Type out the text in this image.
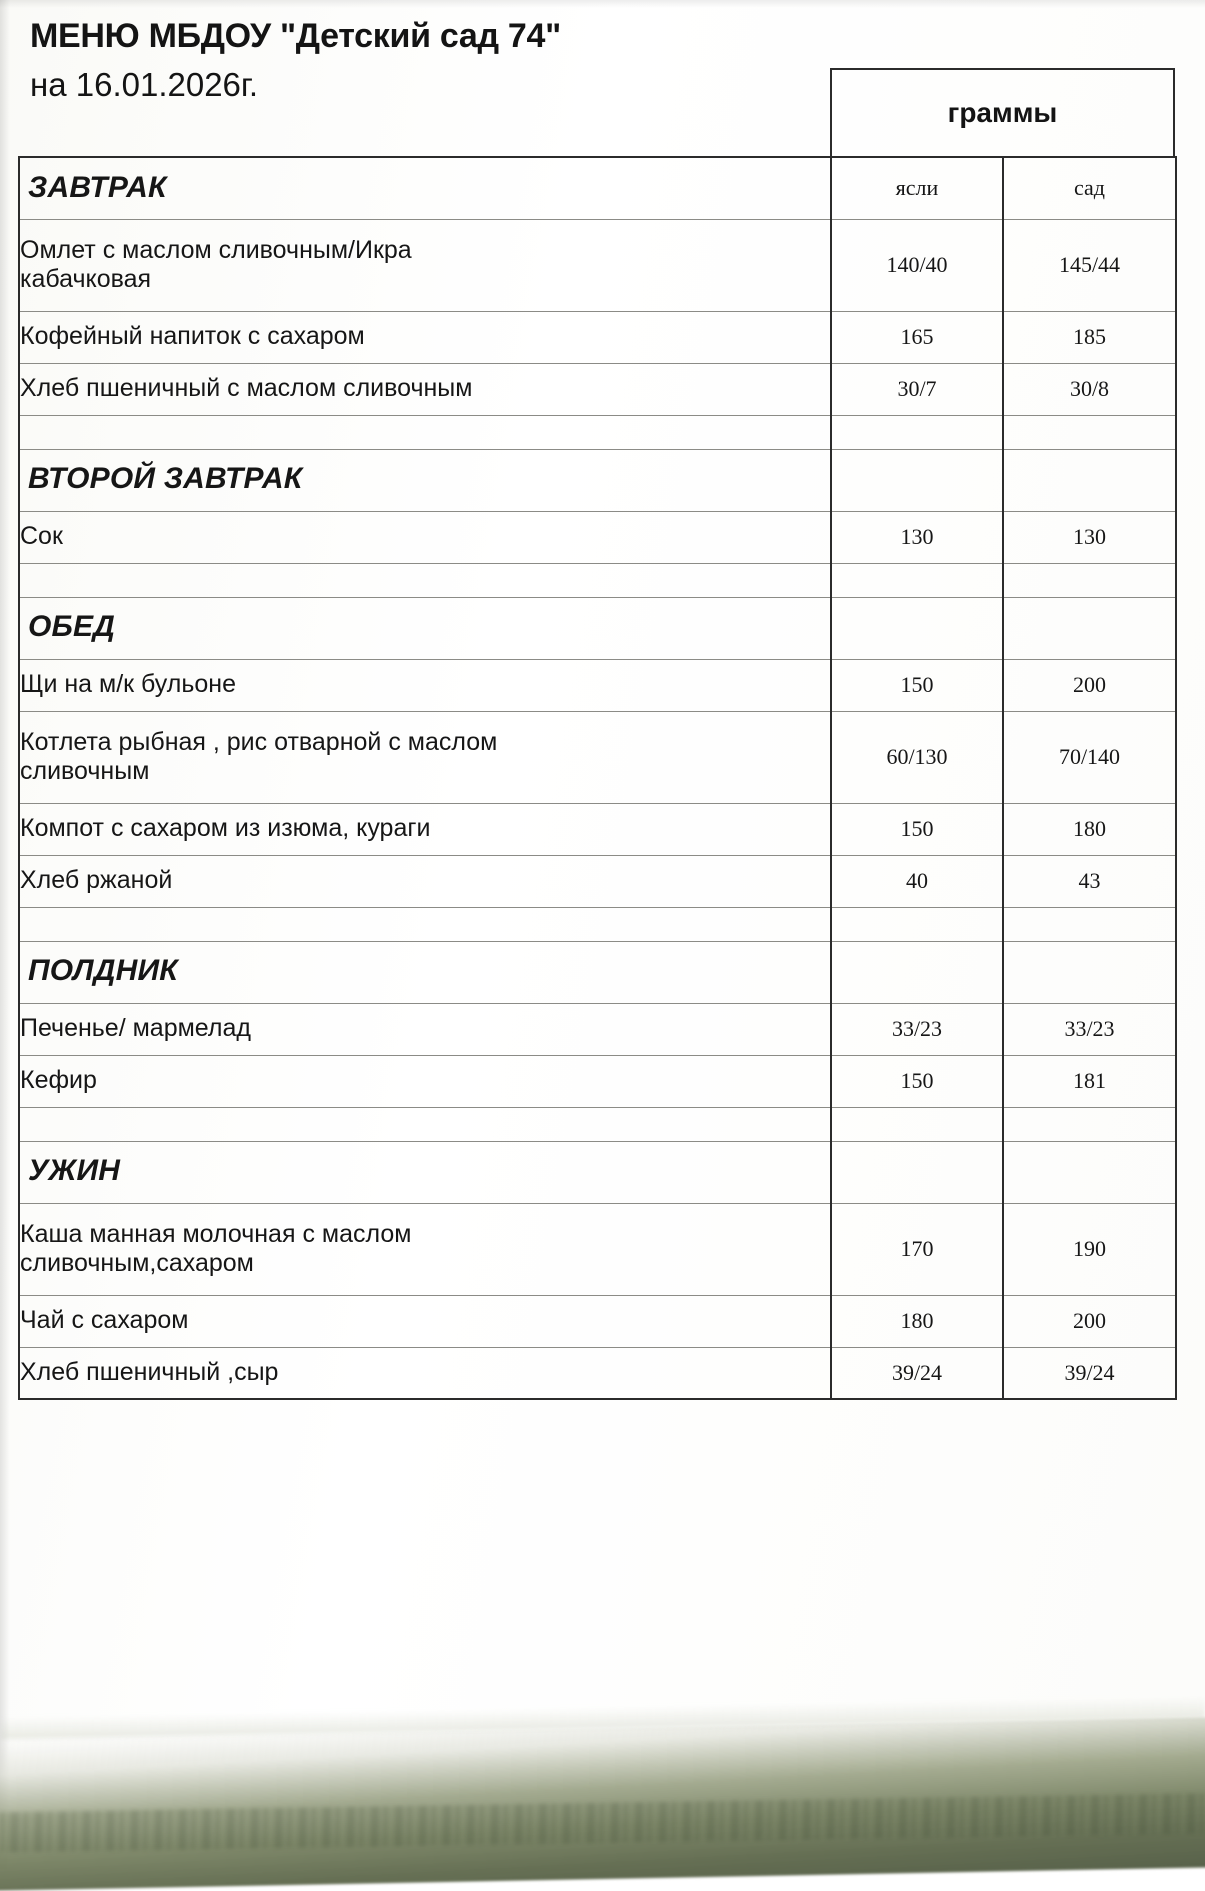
МЕНЮ МБДОУ "Детский сад 74"
на 16.01.2026г.
граммы
ЗАВТРАК	ясли	сад
Омлет с маслом сливочным/Икра
кабачковая	140/40	145/44
Кофейный напиток с сахаром	165	185
Хлеб пшеничный с маслом сливочным	30/7	30/8

ВТОРОЙ ЗАВТРАК		
Сок	130	130

ОБЕД		
Щи на м/к бульоне	150	200
Котлета рыбная , рис отварной с маслом
сливочным	60/130	70/140
Компот с сахаром из изюма, кураги	150	180
Хлеб ржаной	40	43

ПОЛДНИК		
Печенье/ мармелад	33/23	33/23
Кефир	150	181

УЖИН		
Каша манная молочная с маслом
сливочным,сахаром	170	190
Чай с сахаром	180	200
Хлеб пшеничный ,сыр	39/24	39/24
